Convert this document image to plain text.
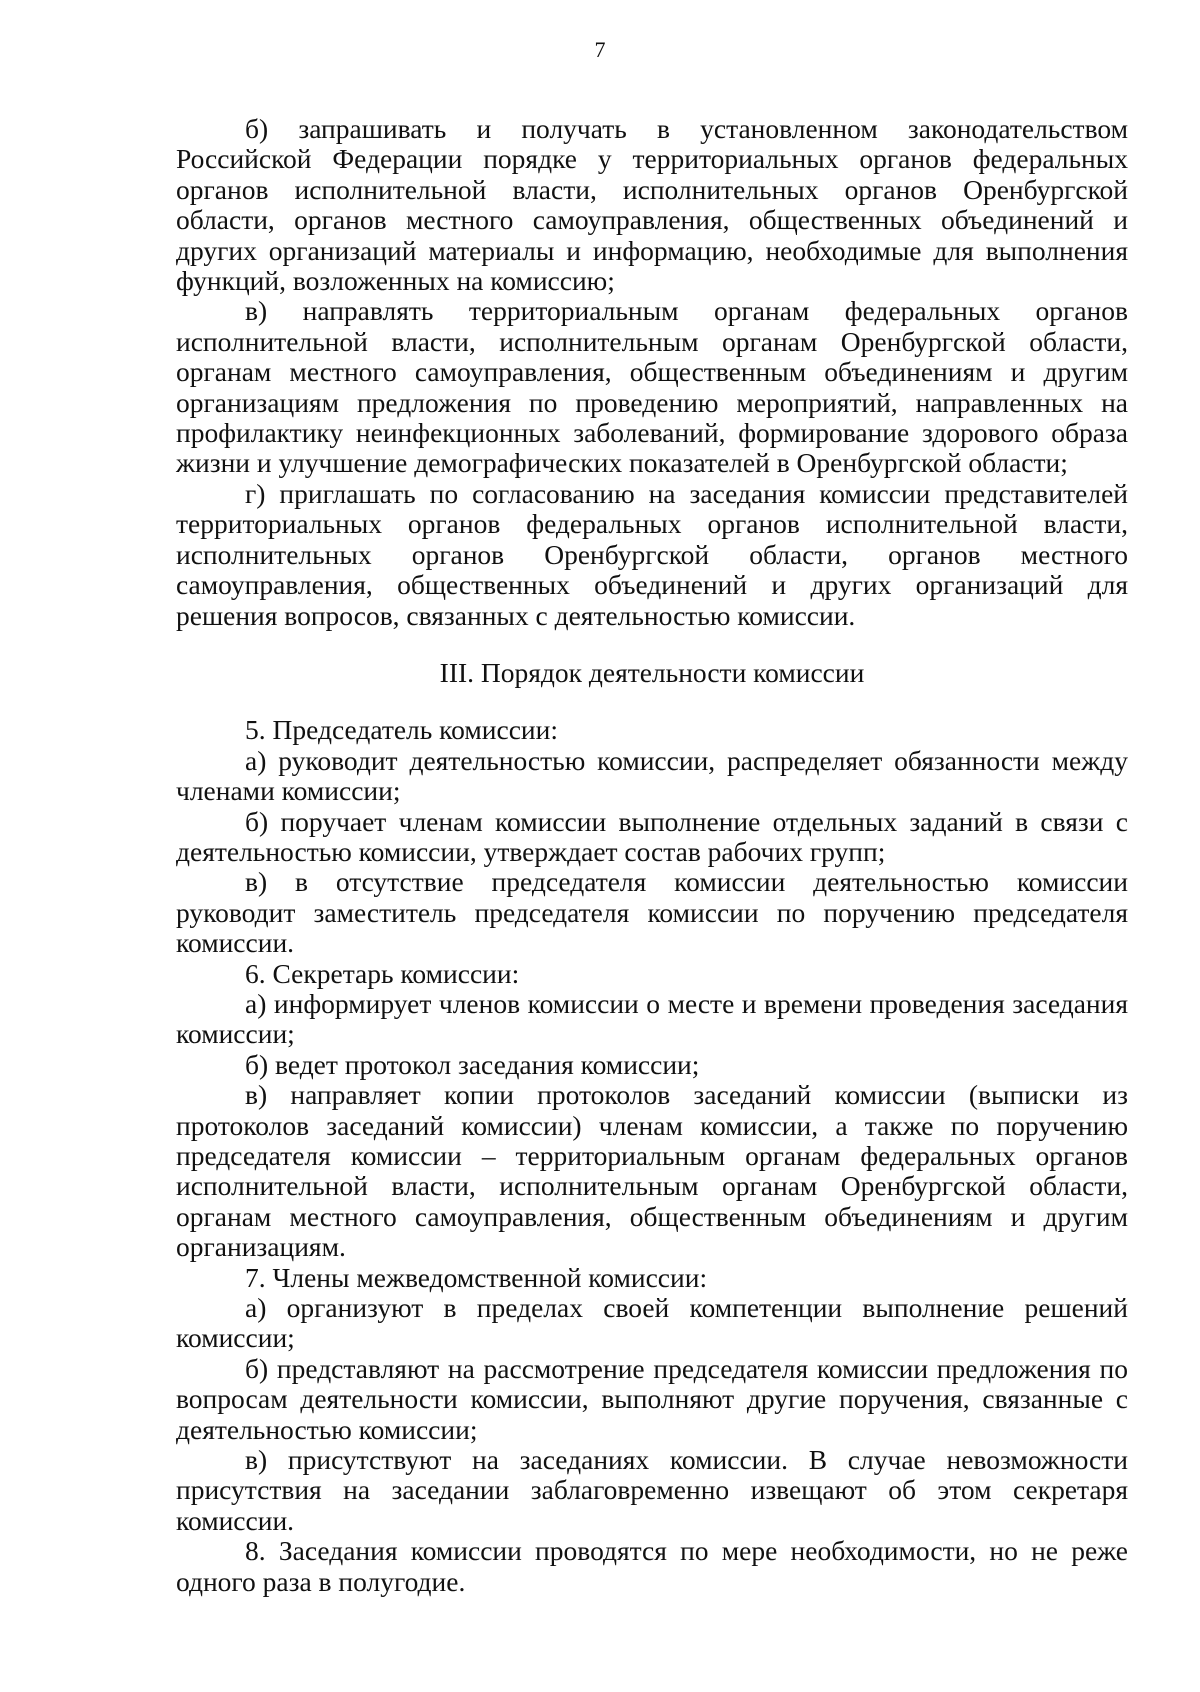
7

б) запрашивать и получать в установленном законодательством Российской Федерации порядке у территориальных органов федеральных органов исполнительной власти, исполнительных органов Оренбургской области, органов местного самоуправления, общественных объединений и других организаций материалы и информацию, необходимые для выполнения функций, возложенных на комиссию;

в) направлять территориальным органам федеральных органов исполнительной власти, исполнительным органам Оренбургской области, органам местного самоуправления, общественным объединениям и другим организациям предложения по проведению мероприятий, направленных на профилактику неинфекционных заболеваний, формирование здорового образа жизни и улучшение демографических показателей в Оренбургской области;

г) приглашать по согласованию на заседания комиссии представителей территориальных органов федеральных органов исполнительной власти, исполнительных органов Оренбургской области, органов местного самоуправления, общественных объединений и других организаций для решения вопросов, связанных с деятельностью комиссии.

III. Порядок деятельности комиссии

5. Председатель комиссии:

а) руководит деятельностью комиссии, распределяет обязанности между членами комиссии;

б) поручает членам комиссии выполнение отдельных заданий в связи с деятельностью комиссии, утверждает состав рабочих групп;

в) в отсутствие председателя комиссии деятельностью комиссии руководит заместитель председателя комиссии по поручению председателя комиссии.

6. Секретарь комиссии:

а) информирует членов комиссии о месте и времени проведения заседания комиссии;

б) ведет протокол заседания комиссии;

в) направляет копии протоколов заседаний комиссии (выписки из протоколов заседаний комиссии) членам комиссии, а также по поручению председателя комиссии – территориальным органам федеральных органов исполнительной власти, исполнительным органам Оренбургской области, органам местного самоуправления, общественным объединениям и другим организациям.

7. Члены межведомственной комиссии:

а) организуют в пределах своей компетенции выполнение решений комиссии;

б) представляют на рассмотрение председателя комиссии предложения по вопросам деятельности комиссии, выполняют другие поручения, связанные с деятельностью комиссии;

в) присутствуют на заседаниях комиссии. В случае невозможности присутствия на заседании заблаговременно извещают об этом секретаря комиссии.

8. Заседания комиссии проводятся по мере необходимости, но не реже одного раза в полугодие.
